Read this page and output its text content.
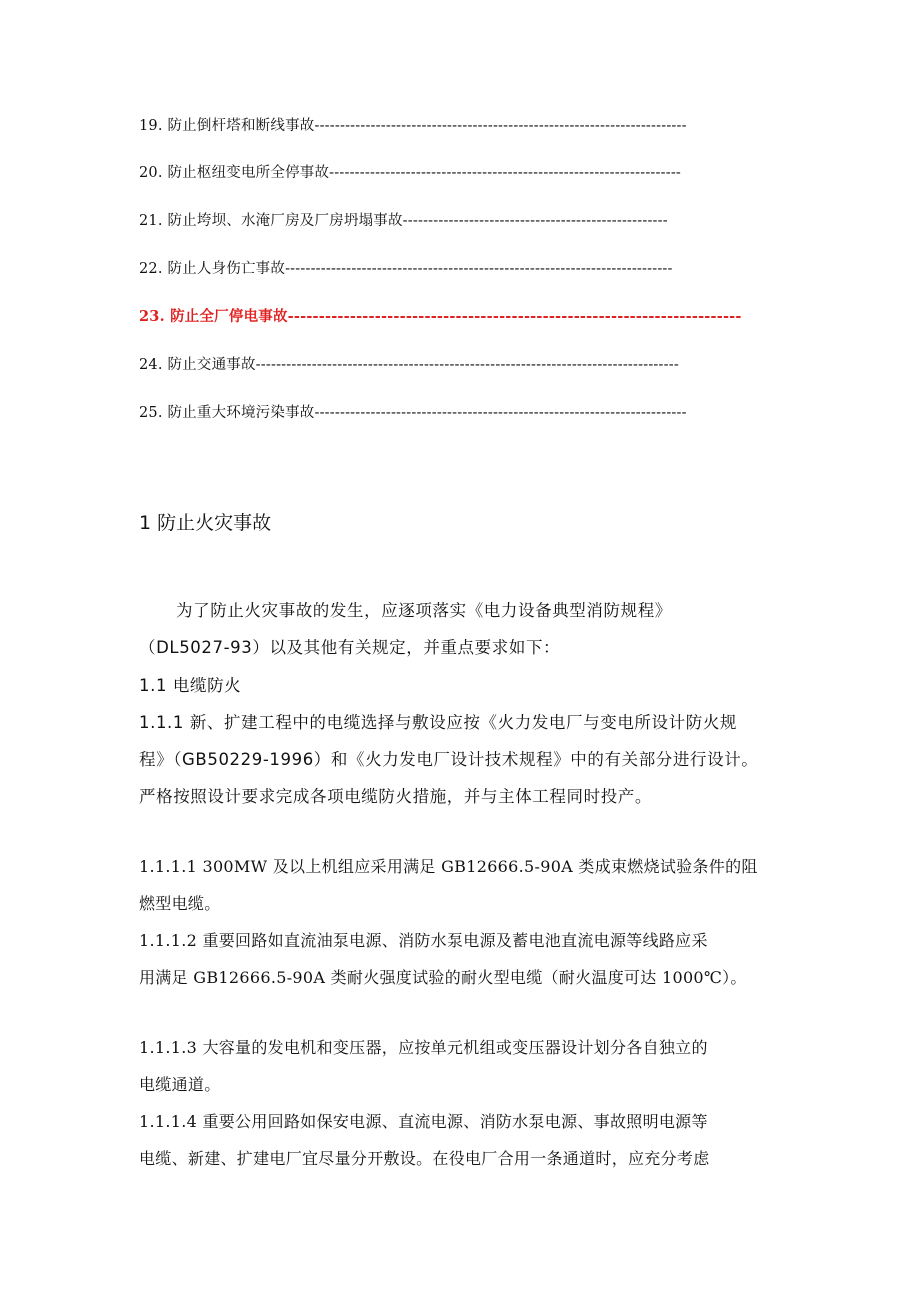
19. 防止倒杆塔和断线事故-------------------------------------------------------------------------
20. 防止枢纽变电所全停事故---------------------------------------------------------------------
21. 防止垮坝、水淹厂房及厂房坍塌事故----------------------------------------------------
22. 防止人身伤亡事故----------------------------------------------------------------------------
23. 防止全厂停电事故-------------------------------------------------------------------------
24. 防止交通事故-----------------------------------------------------------------------------------
25. 防止重大环境污染事故-------------------------------------------------------------------------
1 防止火灾事故
为了防止火灾事故的发生，应逐项落实《电力设备典型消防规程》
（DL5027-93）以及其他有关规定，并重点要求如下：
1.1 电缆防火
1.1.1 新、扩建工程中的电缆选择与敷设应按《火力发电厂与变电所设计防火规
程》（GB50229-1996）和《火力发电厂设计技术规程》中的有关部分进行设计。
严格按照设计要求完成各项电缆防火措施，并与主体工程同时投产。
1.1.1.1 300MW 及以上机组应采用满足 GB12666.5-90A 类成束燃烧试验条件的阻
燃型电缆。
1.1.1.2 重要回路如直流油泵电源、消防水泵电源及蓄电池直流电源等线路应采
用满足 GB12666.5-90A 类耐火强度试验的耐火型电缆（耐火温度可达 1000℃）。
1.1.1.3 大容量的发电机和变压器，应按单元机组或变压器设计划分各自独立的
电缆通道。
1.1.1.4 重要公用回路如保安电源、直流电源、消防水泵电源、事故照明电源等
电缆、新建、扩建电厂宜尽量分开敷设。在役电厂合用一条通道时，应充分考虑
